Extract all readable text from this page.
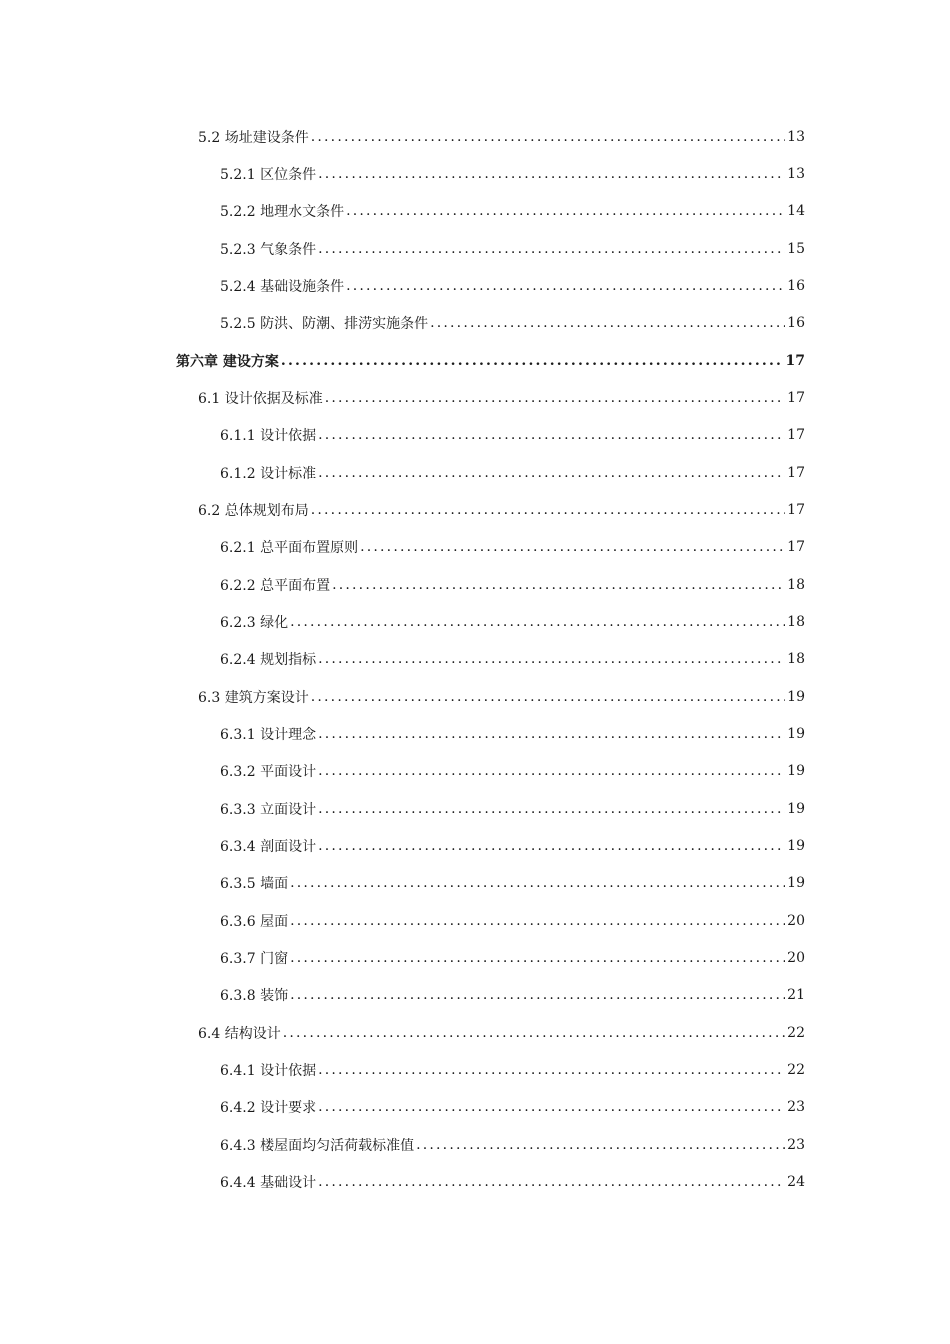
5.2 场址建设条件 .....	13
5.2.1 区位条件 .....	13
5.2.2 地理水文条件 .....	14
5.2.3 气象条件 .....	15
5.2.4 基础设施条件 .....	16
5.2.5 防洪、防潮、排涝实施条件 .....	16
第六章 建设方案 .....	17
6.1 设计依据及标准 .....	17
6.1.1 设计依据 .....	17
6.1.2 设计标准 .....	17
6.2 总体规划布局 .....	17
6.2.1 总平面布置原则 .....	17
6.2.2 总平面布置 .....	18
6.2.3 绿化 .....	18
6.2.4 规划指标 .....	18
6.3 建筑方案设计 .....	19
6.3.1 设计理念 .....	19
6.3.2 平面设计 .....	19
6.3.3 立面设计 .....	19
6.3.4 剖面设计 .....	19
6.3.5 墙面 .....	19
6.3.6 屋面 .....	20
6.3.7 门窗 .....	20
6.3.8 装饰 .....	21
6.4 结构设计 .....	22
6.4.1 设计依据 .....	22
6.4.2 设计要求 .....	23
6.4.3 楼屋面均匀活荷载标准值 .....	23
6.4.4 基础设计 .....	24
